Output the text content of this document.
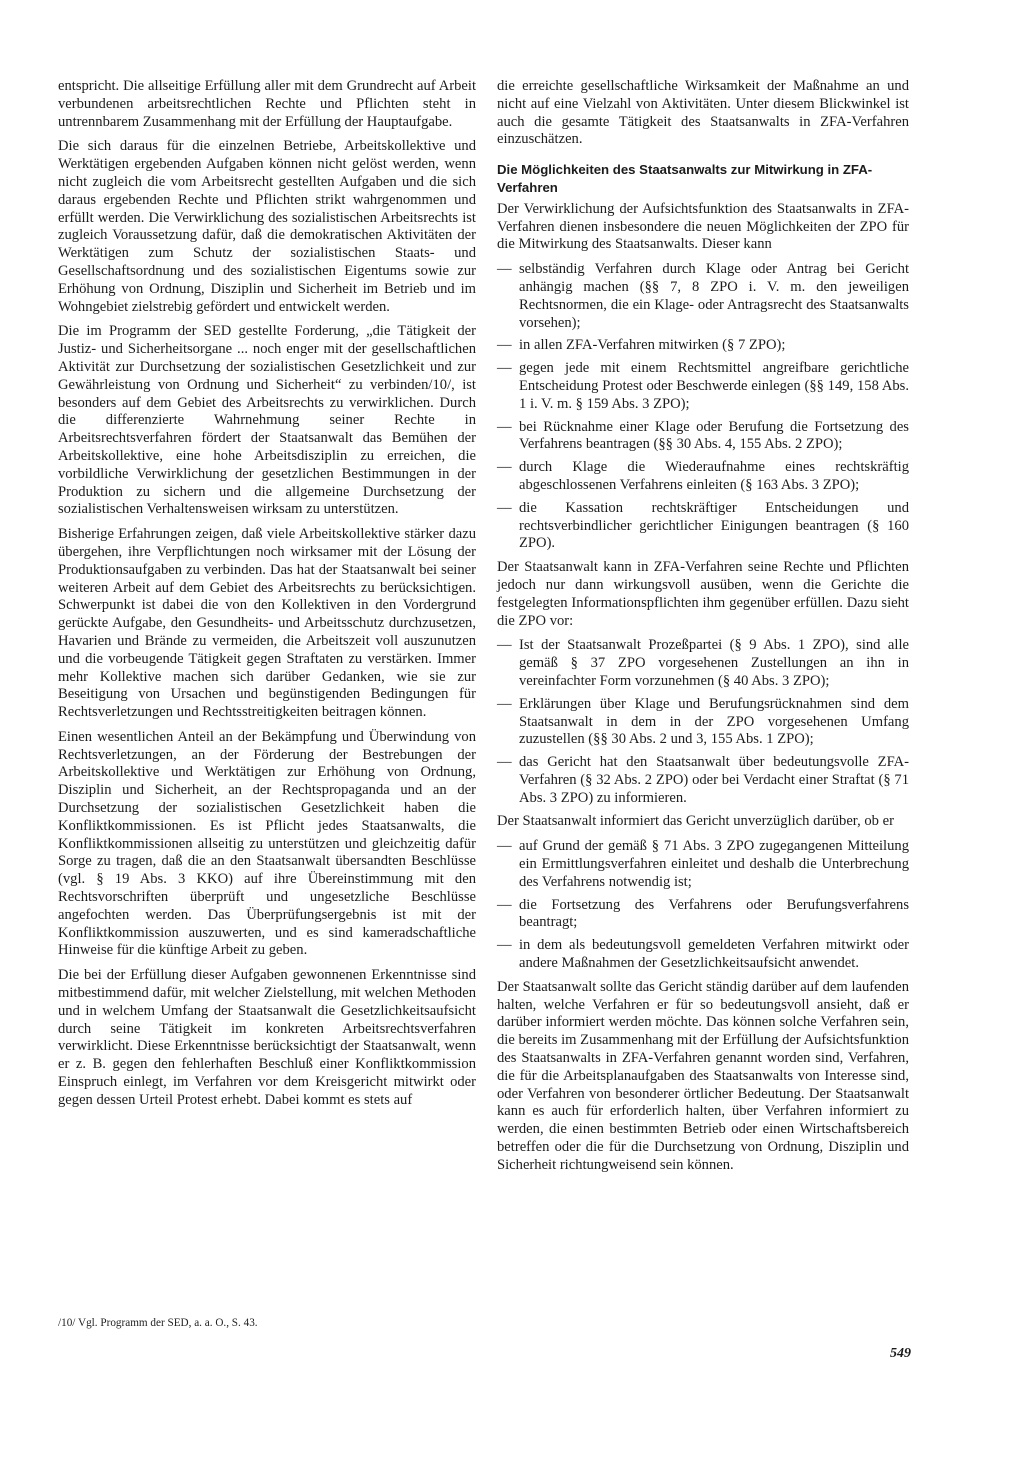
entspricht. Die allseitige Erfüllung aller mit dem Grundrecht auf Arbeit verbundenen arbeitsrechtlichen Rechte und Pflichten steht in untrennbarem Zusammenhang mit der Erfüllung der Hauptaufgabe.

Die sich daraus für die einzelnen Betriebe, Arbeitskollektive und Werktätigen ergebenden Aufgaben können nicht gelöst werden, wenn nicht zugleich die vom Arbeitsrecht gestellten Aufgaben und die sich daraus ergebenden Rechte und Pflichten strikt wahrgenommen und erfüllt werden. Die Verwirklichung des sozialistischen Arbeitsrechts ist zugleich Voraussetzung dafür, daß die demokratischen Aktivitäten der Werktätigen zum Schutz der sozialistischen Staats- und Gesellschaftsordnung und des sozialistischen Eigentums sowie zur Erhöhung von Ordnung, Disziplin und Sicherheit im Betrieb und im Wohngebiet zielstrebig gefördert und entwickelt werden.

Die im Programm der SED gestellte Forderung, „die Tätigkeit der Justiz- und Sicherheitsorgane ... noch enger mit der gesellschaftlichen Aktivität zur Durchsetzung der sozialistischen Gesetzlichkeit und zur Gewährleistung von Ordnung und Sicherheit“ zu verbinden/10/, ist besonders auf dem Gebiet des Arbeitsrechts zu verwirklichen. Durch die differenzierte Wahrnehmung seiner Rechte in Arbeitsrechtsverfahren fördert der Staatsanwalt das Bemühen der Arbeitskollektive, eine hohe Arbeitsdisziplin zu erreichen, die vorbildliche Verwirklichung der gesetzlichen Bestimmungen in der Produktion zu sichern und die allgemeine Durchsetzung der sozialistischen Verhaltensweisen wirksam zu unterstützen.

Bisherige Erfahrungen zeigen, daß viele Arbeitskollektive stärker dazu übergehen, ihre Verpflichtungen noch wirksamer mit der Lösung der Produktionsaufgaben zu verbinden. Das hat der Staatsanwalt bei seiner weiteren Arbeit auf dem Gebiet des Arbeitsrechts zu berücksichtigen. Schwerpunkt ist dabei die von den Kollektiven in den Vordergrund gerückte Aufgabe, den Gesundheits- und Arbeitsschutz durchzusetzen, Havarien und Brände zu vermeiden, die Arbeitszeit voll auszunutzen und die vorbeugende Tätigkeit gegen Straftaten zu verstärken. Immer mehr Kollektive machen sich darüber Gedanken, wie sie zur Beseitigung von Ursachen und begünstigenden Bedingungen für Rechtsverletzungen und Rechtsstreitigkeiten beitragen können.

Einen wesentlichen Anteil an der Bekämpfung und Überwindung von Rechtsverletzungen, an der Förderung der Bestrebungen der Arbeitskollektive und Werktätigen zur Erhöhung von Ordnung, Disziplin und Sicherheit, an der Rechtspropaganda und an der Durchsetzung der sozialistischen Gesetzlichkeit haben die Konfliktkommissionen. Es ist Pflicht jedes Staatsanwalts, die Konfliktkommissionen allseitig zu unterstützen und gleichzeitig dafür Sorge zu tragen, daß die an den Staatsanwalt übersandten Beschlüsse (vgl. § 19 Abs. 3 KKO) auf ihre Übereinstimmung mit den Rechtsvorschriften überprüft und ungesetzliche Beschlüsse angefochten werden. Das Überprüfungsergebnis ist mit der Konfliktkommission auszuwerten, und es sind kameradschaftliche Hinweise für die künftige Arbeit zu geben.

Die bei der Erfüllung dieser Aufgaben gewonnenen Erkenntnisse sind mitbestimmend dafür, mit welcher Zielstellung, mit welchen Methoden und in welchem Umfang der Staatsanwalt die Gesetzlichkeitsaufsicht durch seine Tätigkeit im konkreten Arbeitsrechtsverfahren verwirklicht. Diese Erkenntnisse berücksichtigt der Staatsanwalt, wenn er z. B. gegen den fehlerhaften Beschluß einer Konfliktkommission Einspruch einlegt, im Verfahren vor dem Kreisgericht mitwirkt oder gegen dessen Urteil Protest erhebt. Dabei kommt es stets auf

die erreichte gesellschaftliche Wirksamkeit der Maßnahme an und nicht auf eine Vielzahl von Aktivitäten. Unter diesem Blickwinkel ist auch die gesamte Tätigkeit des Staatsanwalts in ZFA-Verfahren einzuschätzen.

Die Möglichkeiten des Staatsanwalts zur Mitwirkung in ZFA-Verfahren

Der Verwirklichung der Aufsichtsfunktion des Staatsanwalts in ZFA-Verfahren dienen insbesondere die neuen Möglichkeiten der ZPO für die Mitwirkung des Staatsanwalts. Dieser kann

— selbständig Verfahren durch Klage oder Antrag bei Gericht anhängig machen (§§ 7, 8 ZPO i. V. m. den jeweiligen Rechtsnormen, die ein Klage- oder Antragsrecht des Staatsanwalts vorsehen);
— in allen ZFA-Verfahren mitwirken (§ 7 ZPO);
— gegen jede mit einem Rechtsmittel angreifbare gerichtliche Entscheidung Protest oder Beschwerde einlegen (§§ 149, 158 Abs. 1 i. V. m. § 159 Abs. 3 ZPO);
— bei Rücknahme einer Klage oder Berufung die Fortsetzung des Verfahrens beantragen (§§ 30 Abs. 4, 155 Abs. 2 ZPO);
— durch Klage die Wiederaufnahme eines rechtskräftig abgeschlossenen Verfahrens einleiten (§ 163 Abs. 3 ZPO);
— die Kassation rechtskräftiger Entscheidungen und rechtsverbindlicher gerichtlicher Einigungen beantragen (§ 160 ZPO).

Der Staatsanwalt kann in ZFA-Verfahren seine Rechte und Pflichten jedoch nur dann wirkungsvoll ausüben, wenn die Gerichte die festgelegten Informationspflichten ihm gegenüber erfüllen. Dazu sieht die ZPO vor:

— Ist der Staatsanwalt Prozeßpartei (§ 9 Abs. 1 ZPO), sind alle gemäß § 37 ZPO vorgesehenen Zustellungen an ihn in vereinfachter Form vorzunehmen (§ 40 Abs. 3 ZPO);
— Erklärungen über Klage und Berufungsrücknahmen sind dem Staatsanwalt in dem in der ZPO vorgesehenen Umfang zuzustellen (§§ 30 Abs. 2 und 3, 155 Abs. 1 ZPO);
— das Gericht hat den Staatsanwalt über bedeutungsvolle ZFA-Verfahren (§ 32 Abs. 2 ZPO) oder bei Verdacht einer Straftat (§ 71 Abs. 3 ZPO) zu informieren.

Der Staatsanwalt informiert das Gericht unverzüglich darüber, ob er

— auf Grund der gemäß § 71 Abs. 3 ZPO zugegangenen Mitteilung ein Ermittlungsverfahren einleitet und deshalb die Unterbrechung des Verfahrens notwendig ist;
— die Fortsetzung des Verfahrens oder Berufungsverfahrens beantragt;
— in dem als bedeutungsvoll gemeldeten Verfahren mitwirkt oder andere Maßnahmen der Gesetzlichkeitsaufsicht anwendet.

Der Staatsanwalt sollte das Gericht ständig darüber auf dem laufenden halten, welche Verfahren er für so bedeutungsvoll ansieht, daß er darüber informiert werden möchte. Das können solche Verfahren sein, die bereits im Zusammenhang mit der Erfüllung der Aufsichtsfunktion des Staatsanwalts in ZFA-Verfahren genannt worden sind, Verfahren, die für die Arbeitsplanaufgaben des Staatsanwalts von Interesse sind, oder Verfahren von besonderer örtlicher Bedeutung. Der Staatsanwalt kann es auch für erforderlich halten, über Verfahren informiert zu werden, die einen bestimmten Betrieb oder einen Wirtschaftsbereich betreffen oder die für die Durchsetzung von Ordnung, Disziplin und Sicherheit richtungweisend sein können.

/10/ Vgl. Programm der SED, a. a. O., S. 43.
549
